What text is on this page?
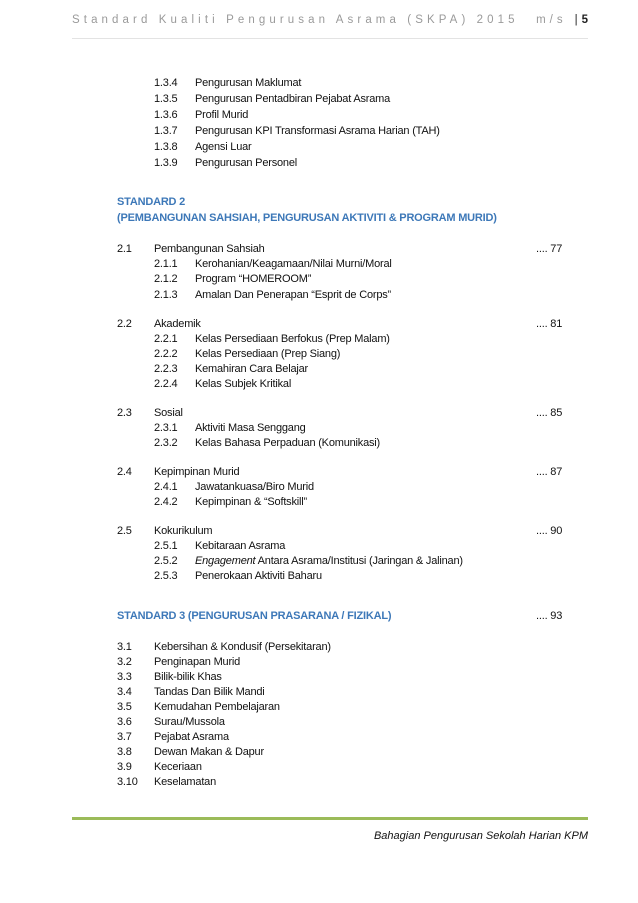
Standard Kualiti Pengurusan Asrama (SKPA) 2015 m/s | 5
1.3.4 Pengurusan Maklumat
1.3.5 Pengurusan Pentadbiran Pejabat Asrama
1.3.6 Profil Murid
1.3.7 Pengurusan KPI Transformasi Asrama Harian (TAH)
1.3.8 Agensi Luar
1.3.9 Pengurusan Personel
STANDARD 2
(PEMBANGUNAN SAHSIAH, PENGURUSAN AKTIVITI & PROGRAM MURID)
2.1 Pembangunan Sahsiah	.... 77
2.1.1 Kerohanian/Keagamaan/Nilai Murni/Moral
2.1.2 Program “HOMEROOM”
2.1.3 Amalan Dan Penerapan “Esprit de Corps”
2.2 Akademik	.... 81
2.2.1 Kelas Persediaan Berfokus (Prep Malam)
2.2.2 Kelas Persediaan (Prep Siang)
2.2.3 Kemahiran Cara Belajar
2.2.4 Kelas Subjek Kritikal
2.3 Sosial	.... 85
2.3.1 Aktiviti Masa Senggang
2.3.2 Kelas Bahasa Perpaduan (Komunikasi)
2.4 Kepimpinan Murid	.... 87
2.4.1 Jawatankuasa/Biro Murid
2.4.2 Kepimpinan & “Softskill”
2.5 Kokurikulum	.... 90
2.5.1 Kebitaraan Asrama
2.5.2 Engagement Antara Asrama/Institusi (Jaringan & Jalinan)
2.5.3 Penerokaan Aktiviti Baharu
STANDARD 3 (PENGURUSAN PRASARANA / FIZIKAL)	.... 93
3.1 Kebersihan & Kondusif (Persekitaran)
3.2 Penginapan Murid
3.3 Bilik-bilik Khas
3.4 Tandas Dan Bilik Mandi
3.5 Kemudahan Pembelajaran
3.6 Surau/Mussola
3.7 Pejabat Asrama
3.8 Dewan Makan & Dapur
3.9 Keceriaan
3.10 Keselamatan
Bahagian Pengurusan Sekolah Harian KPM
